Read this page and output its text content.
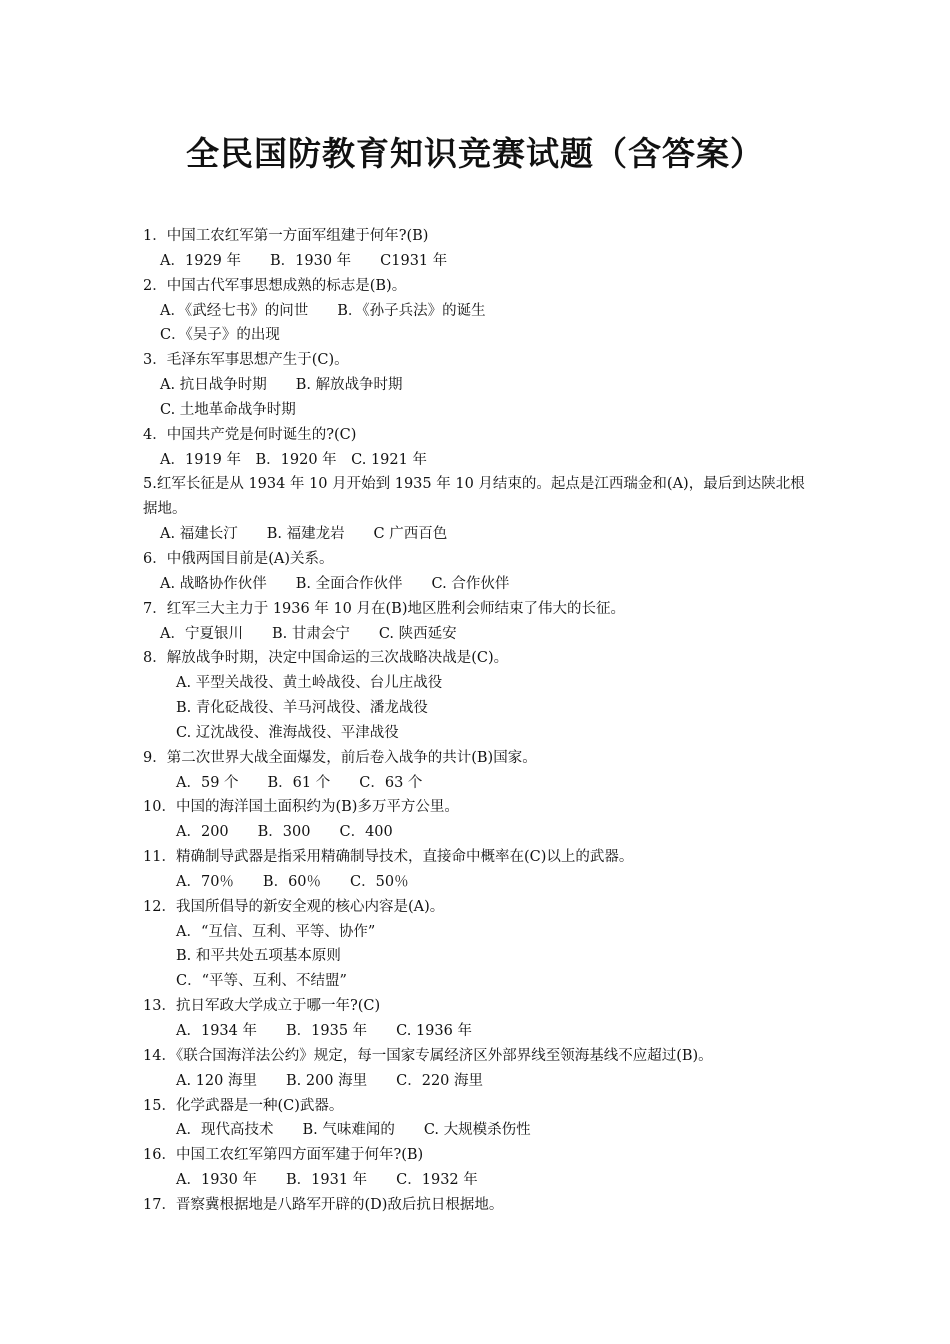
全民国防教育知识竞赛试题（含答案）
1．中国工农红军第一方面军组建于何年?(B)
A．1929 年　　B．1930 年　　C1931 年
2．中国古代军事思想成熟的标志是(B)。
A．《武经七书》的问世　　B．《孙子兵法》的诞生
C．《吴子》的出现
3．毛泽东军事思想产生于(C)。
A. 抗日战争时期　　B. 解放战争时期
C. 土地革命战争时期
4．中国共产党是何时诞生的?(C)
A．1919 年　B．1920 年　C. 1921 年
5.红军长征是从 1934 年 10 月开始到 1935 年 10 月结束的。起点是江西瑞金和(A)，最后到达陕北根据地。
A. 福建长汀　　B. 福建龙岩　　C 广西百色
6．中俄两国目前是(A)关系。
A. 战略协作伙伴　　B. 全面合作伙伴　　C. 合作伙伴
7．红军三大主力于 1936 年 10 月在(B)地区胜利会师结束了伟大的长征。
A．宁夏银川　　B. 甘肃会宁　　C. 陕西延安
8．解放战争时期，决定中国命运的三次战略决战是(C)。
A. 平型关战役、黄土岭战役、台儿庄战役
B. 青化砭战役、羊马河战役、潘龙战役
C. 辽沈战役、淮海战役、平津战役
9．第二次世界大战全面爆发，前后卷入战争的共计(B)国家。
A．59 个　　B．61 个　　C．63 个
10．中国的海洋国土面积约为(B)多万平方公里。
A．200　　B．300　　C．400
11．精确制导武器是指采用精确制导技术，直接命中概率在(C)以上的武器。
A．70％　　B．60％　　C．50％
12．我国所倡导的新安全观的核心内容是(A)。
A．“互信、互利、平等、协作”
B. 和平共处五项基本原则
C．“平等、互利、不结盟”
13．抗日军政大学成立于哪一年?(C)
A．1934 年　　B．1935 年　　C. 1936 年
14．《联合国海洋法公约》规定，每一国家专属经济区外部界线至领海基线不应超过(B)。
A. 120 海里　　B. 200 海里　　C．220 海里
15．化学武器是一种(C)武器。
A．现代高技术　　B. 气味难闻的　　C. 大规模杀伤性
16．中国工农红军第四方面军建于何年?(B)
A．1930 年　　B．1931 年　　C．1932 年
17．晋察冀根据地是八路军开辟的(D)敌后抗日根据地。
